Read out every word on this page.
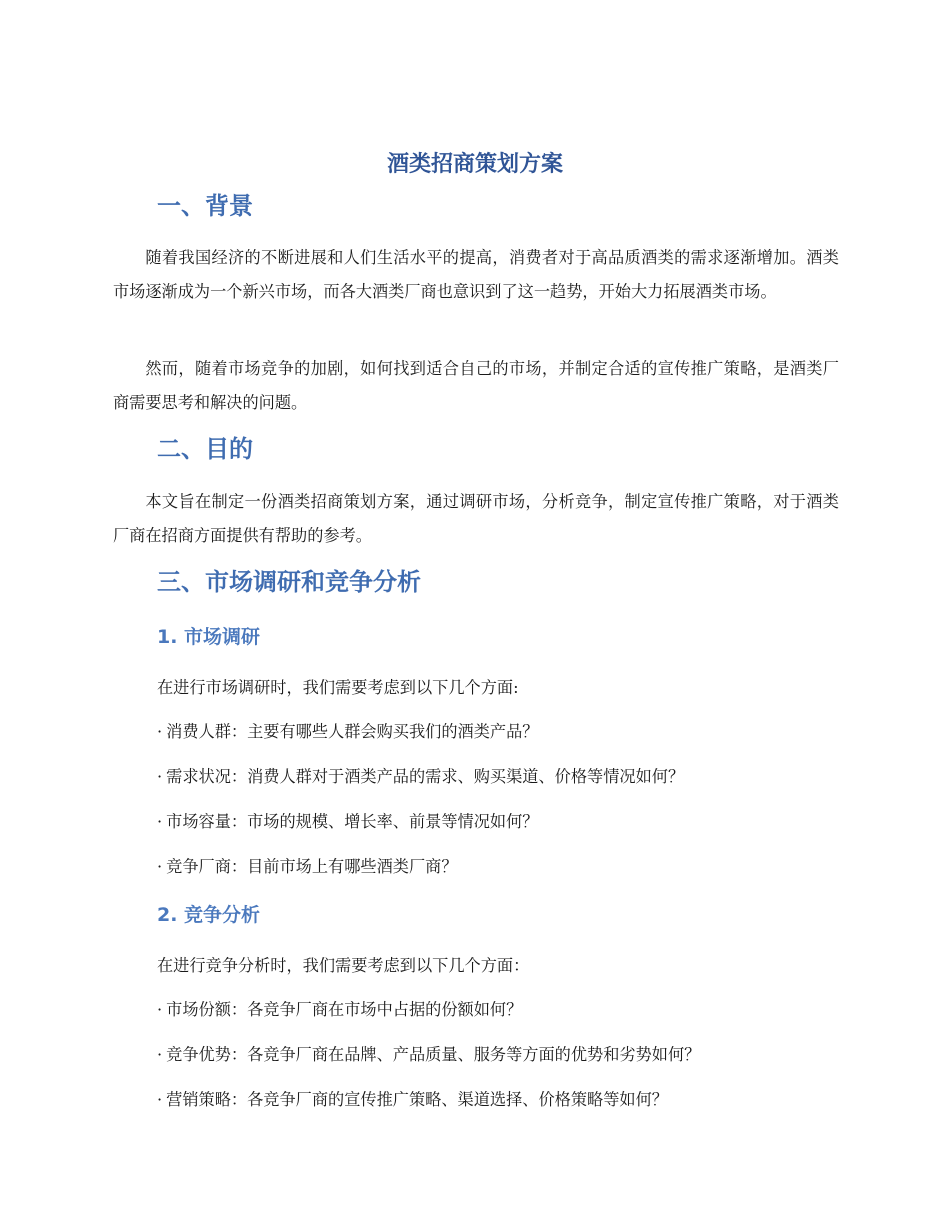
酒类招商策划方案
一、背景

随着我国经济的不断进展和人们生活水平的提高，消费者对于高品质酒类的需求逐渐增加。酒类市场逐渐成为一个新兴市场，而各大酒类厂商也意识到了这一趋势，开始大力拓展酒类市场。

然而，随着市场竞争的加剧，如何找到适合自己的市场，并制定合适的宣传推广策略，是酒类厂商需要思考和解决的问题。

二、目的

本文旨在制定一份酒类招商策划方案，通过调研市场，分析竞争，制定宣传推广策略，对于酒类厂商在招商方面提供有帮助的参考。

三、市场调研和竞争分析
1. 市场调研
在进行市场调研时，我们需要考虑到以下几个方面:
· 消费人群：主要有哪些人群会购买我们的酒类产品？
· 需求状况：消费人群对于酒类产品的需求、购买渠道、价格等情况如何？
· 市场容量：市场的规模、增长率、前景等情况如何？
· 竞争厂商：目前市场上有哪些酒类厂商？
2. 竞争分析
在进行竞争分析时，我们需要考虑到以下几个方面：
· 市场份额：各竞争厂商在市场中占据的份额如何？
· 竞争优势：各竞争厂商在品牌、产品质量、服务等方面的优势和劣势如何？
· 营销策略：各竞争厂商的宣传推广策略、渠道选择、价格策略等如何？
